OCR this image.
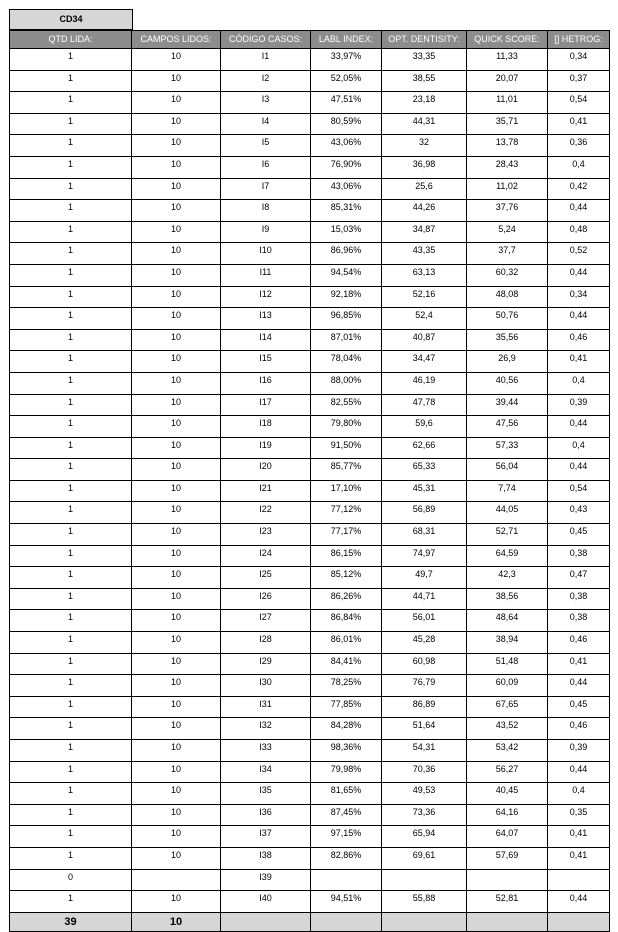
CD34
QTD LIDA:	CAMPOS LIDOS:	CÓDIGO CASOS:	LABL INDEX:	OPT. DENTISITY:	QUICK SCORE:	[] HETROG:
1	10	I1	33,97%	33,35	11,33	0,34
1	10	I2	52,05%	38,55	20,07	0,37
1	10	I3	47,51%	23,18	11,01	0,54
1	10	I4	80,59%	44,31	35,71	0,41
1	10	I5	43,06%	32	13,78	0,36
1	10	I6	76,90%	36,98	28,43	0,4
1	10	I7	43,06%	25,6	11,02	0,42
1	10	I8	85,31%	44,26	37,76	0,44
1	10	I9	15,03%	34,87	5,24	0,48
1	10	I10	86,96%	43,35	37,7	0,52
1	10	I11	94,54%	63,13	60,32	0,44
1	10	I12	92,18%	52,16	48,08	0,34
1	10	I13	96,85%	52,4	50,76	0,44
1	10	I14	87,01%	40,87	35,56	0,46
1	10	I15	78,04%	34,47	26,9	0,41
1	10	I16	88,00%	46,19	40,56	0,4
1	10	I17	82,55%	47,78	39,44	0,39
1	10	I18	79,80%	59,6	47,56	0,44
1	10	I19	91,50%	62,66	57,33	0,4
1	10	I20	85,77%	65,33	56,04	0,44
1	10	I21	17,10%	45,31	7,74	0,54
1	10	I22	77,12%	56,89	44,05	0,43
1	10	I23	77,17%	68,31	52,71	0,45
1	10	I24	86,15%	74,97	64,59	0,38
1	10	I25	85,12%	49,7	42,3	0,47
1	10	I26	86,26%	44,71	38,56	0,38
1	10	I27	86,84%	56,01	48,64	0,38
1	10	I28	86,01%	45,28	38,94	0,46
1	10	I29	84,41%	60,98	51,48	0,41
1	10	I30	78,25%	76,79	60,09	0,44
1	10	I31	77,85%	86,89	67,65	0,45
1	10	I32	84,28%	51,64	43,52	0,46
1	10	I33	98,36%	54,31	53,42	0,39
1	10	I34	79,98%	70,36	56,27	0,44
1	10	I35	81,65%	49,53	40,45	0,4
1	10	I36	87,45%	73,36	64,16	0,35
1	10	I37	97,15%	65,94	64,07	0,41
1	10	I38	82,86%	69,61	57,69	0,41
0		I39				
1	10	I40	94,51%	55,88	52,81	0,44
39	10					
